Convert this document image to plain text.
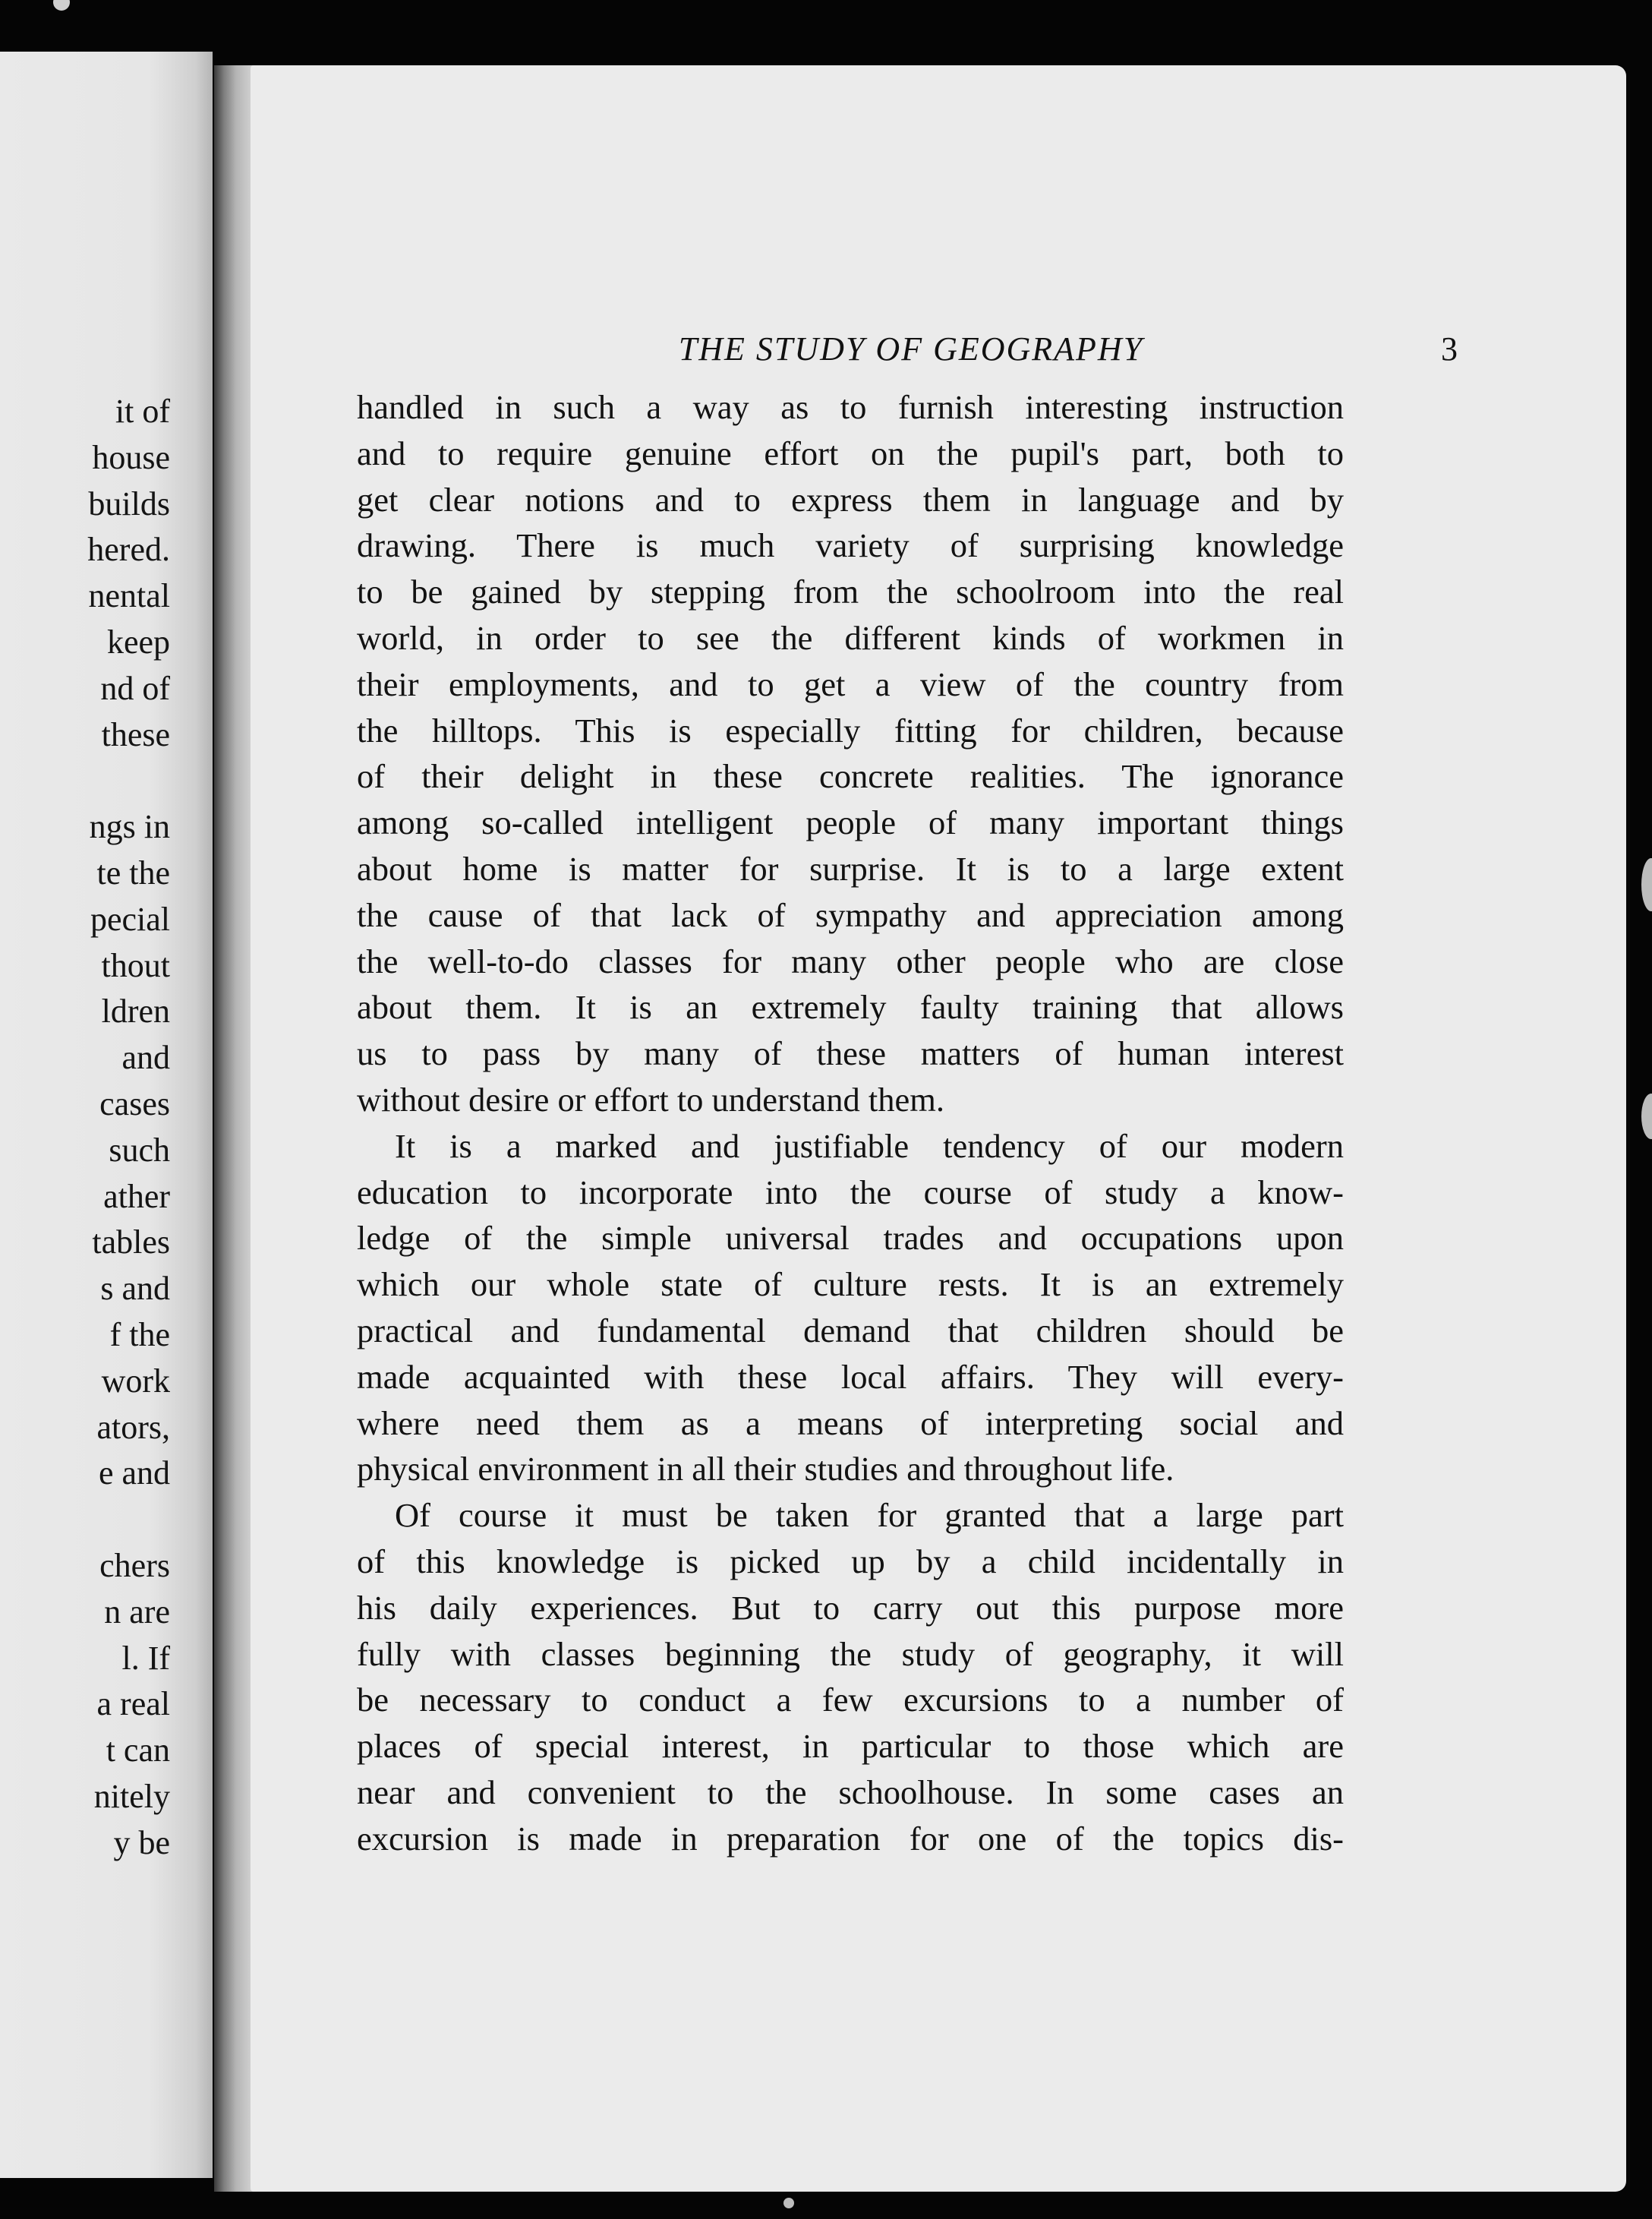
it of
house
builds
hered.
nental
keep
nd of
these
ngs in
te the
pecial
thout
ldren
and
cases
such
ather
tables
s and
f the
work
ators,
e and
chers
n are
l. If
a real
t can
nitely
y be
THE STUDY OF GEOGRAPHY	3
handled in such a way as to furnish interesting instruction
and to require genuine effort on the pupil's part, both to
get clear notions and to express them in language and by
drawing. There is much variety of surprising knowledge
to be gained by stepping from the schoolroom into the real
world, in order to see the different kinds of workmen in
their employments, and to get a view of the country from
the hilltops. This is especially fitting for children, because
of their delight in these concrete realities. The ignorance
among so-called intelligent people of many important things
about home is matter for surprise. It is to a large extent
the cause of that lack of sympathy and appreciation among
the well-to-do classes for many other people who are close
about them. It is an extremely faulty training that allows
us to pass by many of these matters of human interest
without desire or effort to understand them.
It is a marked and justifiable tendency of our modern
education to incorporate into the course of study a know-
ledge of the simple universal trades and occupations upon
which our whole state of culture rests. It is an extremely
practical and fundamental demand that children should be
made acquainted with these local affairs. They will every-
where need them as a means of interpreting social and
physical environment in all their studies and throughout life.
Of course it must be taken for granted that a large part
of this knowledge is picked up by a child incidentally in
his daily experiences. But to carry out this purpose more
fully with classes beginning the study of geography, it will
be necessary to conduct a few excursions to a number of
places of special interest, in particular to those which are
near and convenient to the schoolhouse. In some cases an
excursion is made in preparation for one of the topics dis-
